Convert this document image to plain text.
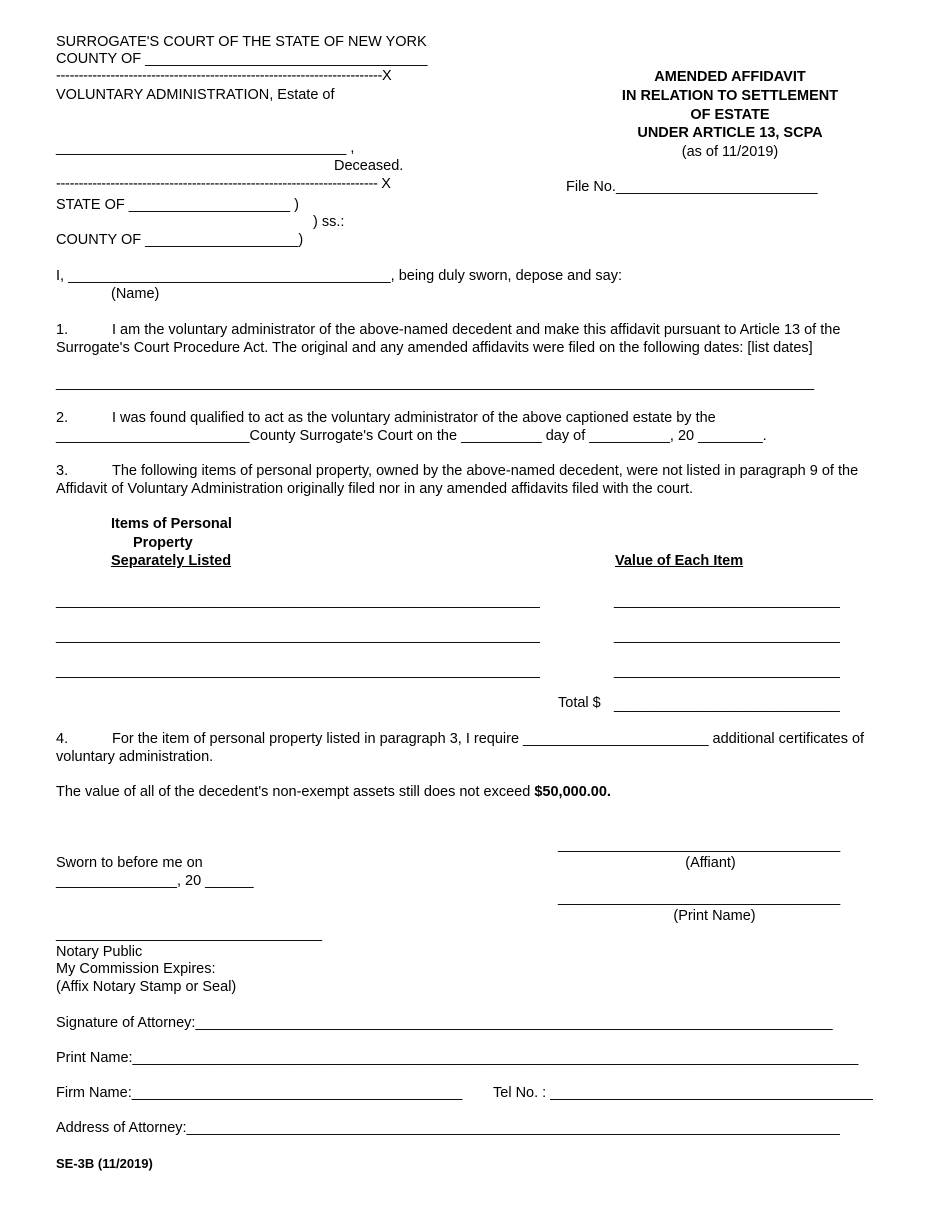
SURROGATE'S COURT OF THE STATE OF NEW YORK
COUNTY OF ___________________________________
------------------------------------------------------------------------X
VOLUNTARY ADMINISTRATION, Estate of
____________________________________ ,
Deceased.
----------------------------------------------------------------------- X
STATE OF ____________________ )
) ss.:
COUNTY OF ___________________)
AMENDED AFFIDAVIT
IN RELATION TO SETTLEMENT
OF ESTATE
UNDER ARTICLE 13, SCPA
(as of 11/2019)
File No._________________________
I, ________________________________________, being duly sworn, depose and say:
(Name)
1.	I am the voluntary administrator of the above-named decedent and make this affidavit pursuant to Article 13 of the Surrogate's Court Procedure Act. The original and any amended affidavits were filed on the following dates: [list dates]
______________________________________________________________________________________________
2.	I was found qualified to act as the voluntary administrator of the above captioned estate by the
________________________County Surrogate's Court on the __________ day of __________, 20 ________.
3.	The following items of personal property, owned by the above-named decedent, were not listed in paragraph 9 of the Affidavit of Voluntary Administration originally filed nor in any amended affidavits filed with the court.
Items of Personal
Property
Separately Listed	Value of Each Item
____________________________________________________________	____________________________
____________________________________________________________	____________________________
____________________________________________________________	____________________________
Total $ ____________________________
4.	For the item of personal property listed in paragraph 3, I require _______________________ additional certificates of voluntary administration.
The value of all of the decedent's non-exempt assets still does not exceed $50,000.00.
___________________________________
(Affiant)
Sworn to before me on
_______________, 20 ______
___________________________________
(Print Name)
_________________________________
Notary Public
My Commission Expires:
(Affix Notary Stamp or Seal)
Signature of Attorney:_______________________________________________________________________________
Print Name:__________________________________________________________________________________________
Firm Name:_________________________________________ Tel No. : ________________________________________
Address of Attorney:_________________________________________________________________________________
SE-3B (11/2019)
